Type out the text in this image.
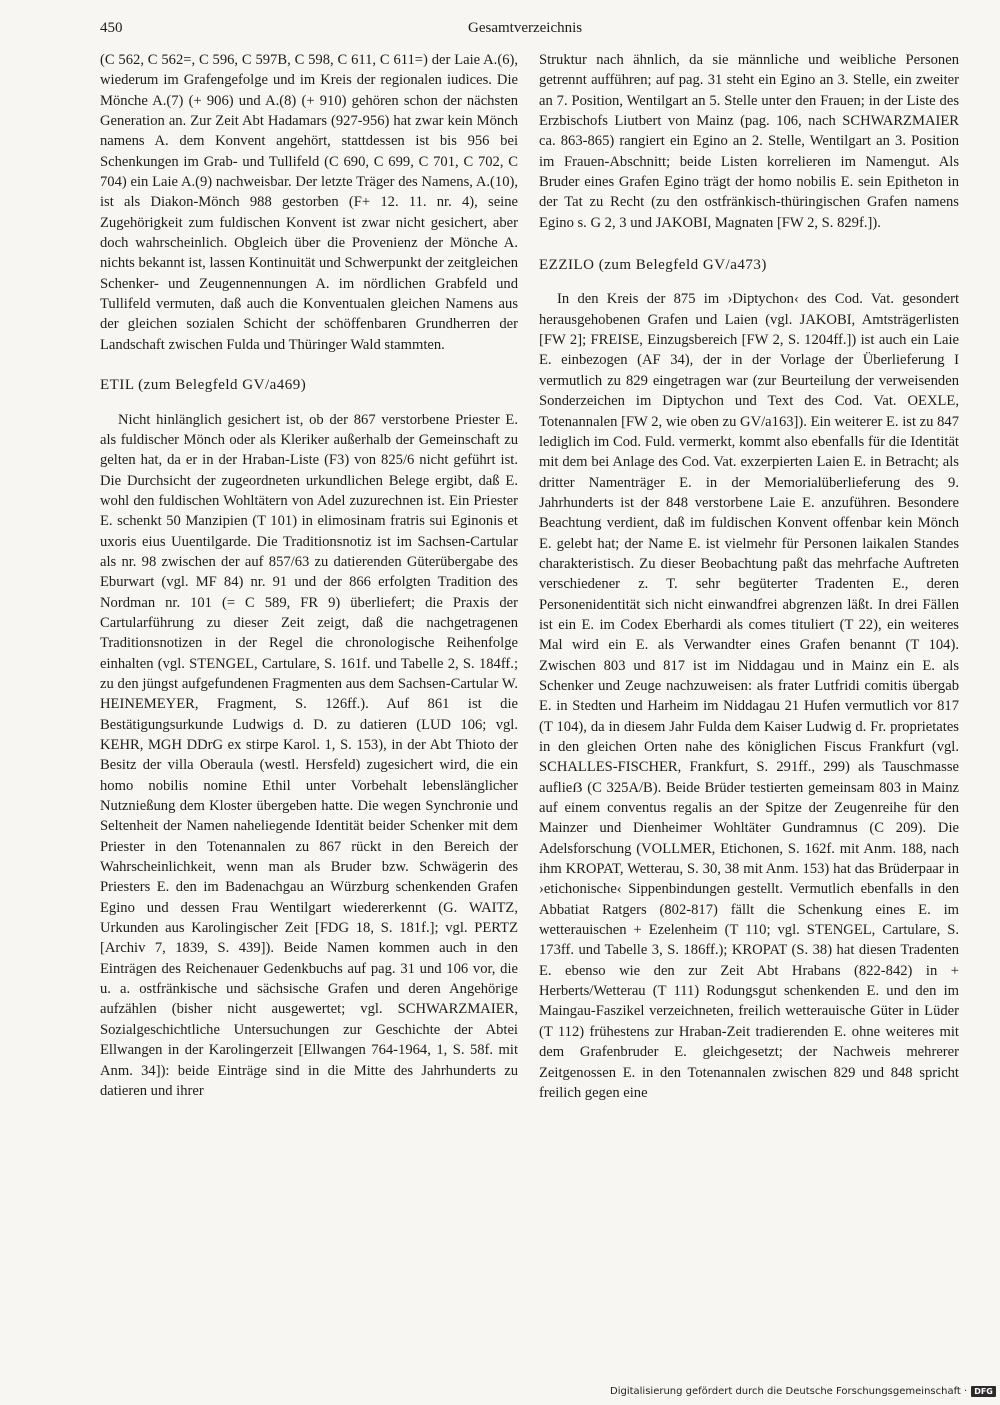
450	Gesamtverzeichnis

(C 562, C 562=, C 596, C 597B, C 598, C 611, C 611=) der Laie A.(6), wiederum im Grafengefolge und im Kreis der regionalen iudices. Die Mönche A.(7) (+ 906) und A.(8) (+ 910) gehören schon der nächsten Generation an. Zur Zeit Abt Hadamars (927-956) hat zwar kein Mönch namens A. dem Konvent angehört, stattdessen ist bis 956 bei Schenkungen im Grab- und Tullifeld (C 690, C 699, C 701, C 702, C 704) ein Laie A.(9) nachweisbar. Der letzte Träger des Namens, A.(10), ist als Diakon-Mönch 988 gestorben (F+ 12. 11. nr. 4), seine Zugehörigkeit zum fuldischen Konvent ist zwar nicht gesichert, aber doch wahrscheinlich. Obgleich über die Provenienz der Mönche A. nichts bekannt ist, lassen Kontinuität und Schwerpunkt der zeitgleichen Schenker- und Zeugennennungen A. im nördlichen Grabfeld und Tullifeld vermuten, daß auch die Konventualen gleichen Namens aus der gleichen sozialen Schicht der schöffenbaren Grundherren der Landschaft zwischen Fulda und Thüringer Wald stammten.

ETIL (zum Belegfeld GV/a469)

Nicht hinlänglich gesichert ist, ob der 867 verstorbene Priester E. als fuldischer Mönch oder als Kleriker außerhalb der Gemeinschaft zu gelten hat, da er in der Hraban-Liste (F3) von 825/6 nicht geführt ist. Die Durchsicht der zugeordneten urkundlichen Belege ergibt, daß E. wohl den fuldischen Wohltätern von Adel zuzurechnen ist. Ein Priester E. schenkt 50 Manzipien (T 101) in elimosinam fratris sui Eginonis et uxoris eius Uuentilgarde. Die Traditionsnotiz ist im Sachsen-Cartular als nr. 98 zwischen der auf 857/63 zu datierenden Güterübergabe des Eburwart (vgl. MF 84) nr. 91 und der 866 erfolgten Tradition des Nordman nr. 101 (= C 589, FR 9) überliefert; die Praxis der Cartularführung zu dieser Zeit zeigt, daß die nachgetragenen Traditionsnotizen in der Regel die chronologische Reihenfolge einhalten (vgl. STENGEL, Cartulare, S. 161f. und Tabelle 2, S. 184ff.; zu den jüngst aufgefundenen Fragmenten aus dem Sachsen-Cartular W. HEINEMEYER, Fragment, S. 126ff.). Auf 861 ist die Bestätigungsurkunde Ludwigs d. D. zu datieren (LUD 106; vgl. KEHR, MGH DDrG ex stirpe Karol. 1, S. 153), in der Abt Thioto der Besitz der villa Oberaula (westl. Hersfeld) zugesichert wird, die ein homo nobilis nomine Ethil unter Vorbehalt lebenslänglicher Nutznießung dem Kloster übergeben hatte. Die wegen Synchronie und Seltenheit der Namen naheliegende Identität beider Schenker mit dem Priester in den Totenannalen zu 867 rückt in den Bereich der Wahrscheinlichkeit, wenn man als Bruder bzw. Schwägerin des Priesters E. den im Badenachgau an Würzburg schenkenden Grafen Egino und dessen Frau Wentilgart wiedererkennt (G. WAITZ, Urkunden aus Karolingischer Zeit [FDG 18, S. 181f.]; vgl. PERTZ [Archiv 7, 1839, S. 439]). Beide Namen kommen auch in den Einträgen des Reichenauer Gedenkbuchs auf pag. 31 und 106 vor, die u. a. ostfränkische und sächsische Grafen und deren Angehörige aufzählen (bisher nicht ausgewertet; vgl. SCHWARZMAIER, Sozialgeschichtliche Untersuchungen zur Geschichte der Abtei Ellwangen in der Karolingerzeit [Ellwangen 764-1964, 1, S. 58f. mit Anm. 34]): beide Einträge sind in die Mitte des Jahrhunderts zu datieren und ihrer

Struktur nach ähnlich, da sie männliche und weibliche Personen getrennt aufführen; auf pag. 31 steht ein Egino an 3. Stelle, ein zweiter an 7. Position, Wentilgart an 5. Stelle unter den Frauen; in der Liste des Erzbischofs Liutbert von Mainz (pag. 106, nach SCHWARZMAIER ca. 863-865) rangiert ein Egino an 2. Stelle, Wentilgart an 3. Position im Frauen-Abschnitt; beide Listen korrelieren im Namengut. Als Bruder eines Grafen Egino trägt der homo nobilis E. sein Epitheton in der Tat zu Recht (zu den ostfränkisch-thüringischen Grafen namens Egino s. G 2, 3 und JAKOBI, Magnaten [FW 2, S. 829f.]).

EZZILO (zum Belegfeld GV/a473)

In den Kreis der 875 im ›Diptychon‹ des Cod. Vat. gesondert herausgehobenen Grafen und Laien (vgl. JAKOBI, Amtsträgerlisten [FW 2]; FREISE, Einzugsbereich [FW 2, S. 1204ff.]) ist auch ein Laie E. einbezogen (AF 34), der in der Vorlage der Überlieferung I vermutlich zu 829 eingetragen war (zur Beurteilung der verweisenden Sonderzeichen im Diptychon und Text des Cod. Vat. OEXLE, Totenannalen [FW 2, wie oben zu GV/a163]). Ein weiterer E. ist zu 847 lediglich im Cod. Fuld. vermerkt, kommt also ebenfalls für die Identität mit dem bei Anlage des Cod. Vat. exzerpierten Laien E. in Betracht; als dritter Namenträger E. in der Memorialüberlieferung des 9. Jahrhunderts ist der 848 verstorbene Laie E. anzuführen. Besondere Beachtung verdient, daß im fuldischen Konvent offenbar kein Mönch E. gelebt hat; der Name E. ist vielmehr für Personen laikalen Standes charakteristisch. Zu dieser Beobachtung paßt das mehrfache Auftreten verschiedener z. T. sehr begüterter Tradenten E., deren Personenidentität sich nicht einwandfrei abgrenzen läßt. In drei Fällen ist ein E. im Codex Eberhardi als comes tituliert (T 22), ein weiteres Mal wird ein E. als Verwandter eines Grafen benannt (T 104). Zwischen 803 und 817 ist im Niddagau und in Mainz ein E. als Schenker und Zeuge nachzuweisen: als frater Lutfridi comitis übergab E. in Stedten und Harheim im Niddagau 21 Hufen vermutlich vor 817 (T 104), da in diesem Jahr Fulda dem Kaiser Ludwig d. Fr. proprietates in den gleichen Orten nahe des königlichen Fiscus Frankfurt (vgl. SCHALLES-FISCHER, Frankfurt, S. 291ff., 299) als Tauschmasse auflieẞ (C 325A/B). Beide Brüder testierten gemeinsam 803 in Mainz auf einem conventus regalis an der Spitze der Zeugenreihe für den Mainzer und Dienheimer Wohltäter Gundramnus (C 209). Die Adelsforschung (VOLLMER, Etichonen, S. 162f. mit Anm. 188, nach ihm KROPAT, Wetterau, S. 30, 38 mit Anm. 153) hat das Brüderpaar in ›etichonische‹ Sippenbindungen gestellt. Vermutlich ebenfalls in den Abbatiat Ratgers (802-817) fällt die Schenkung eines E. im wetterauischen + Ezelenheim (T 110; vgl. STENGEL, Cartulare, S. 173ff. und Tabelle 3, S. 186ff.); KROPAT (S. 38) hat diesen Tradenten E. ebenso wie den zur Zeit Abt Hrabans (822-842) in + Herberts/Wetterau (T 111) Rodungsgut schenkenden E. und den im Maingau-Faszikel verzeichneten, freilich wetterauische Güter in Lüder (T 112) frühestens zur Hraban-Zeit tradierenden E. ohne weiteres mit dem Grafenbruder E. gleichgesetzt; der Nachweis mehrerer Zeitgenossen E. in den Totenannalen zwischen 829 und 848 spricht freilich gegen eine

Digitalisierung gefördert durch die Deutsche Forschungsgemeinschaft · DFG
